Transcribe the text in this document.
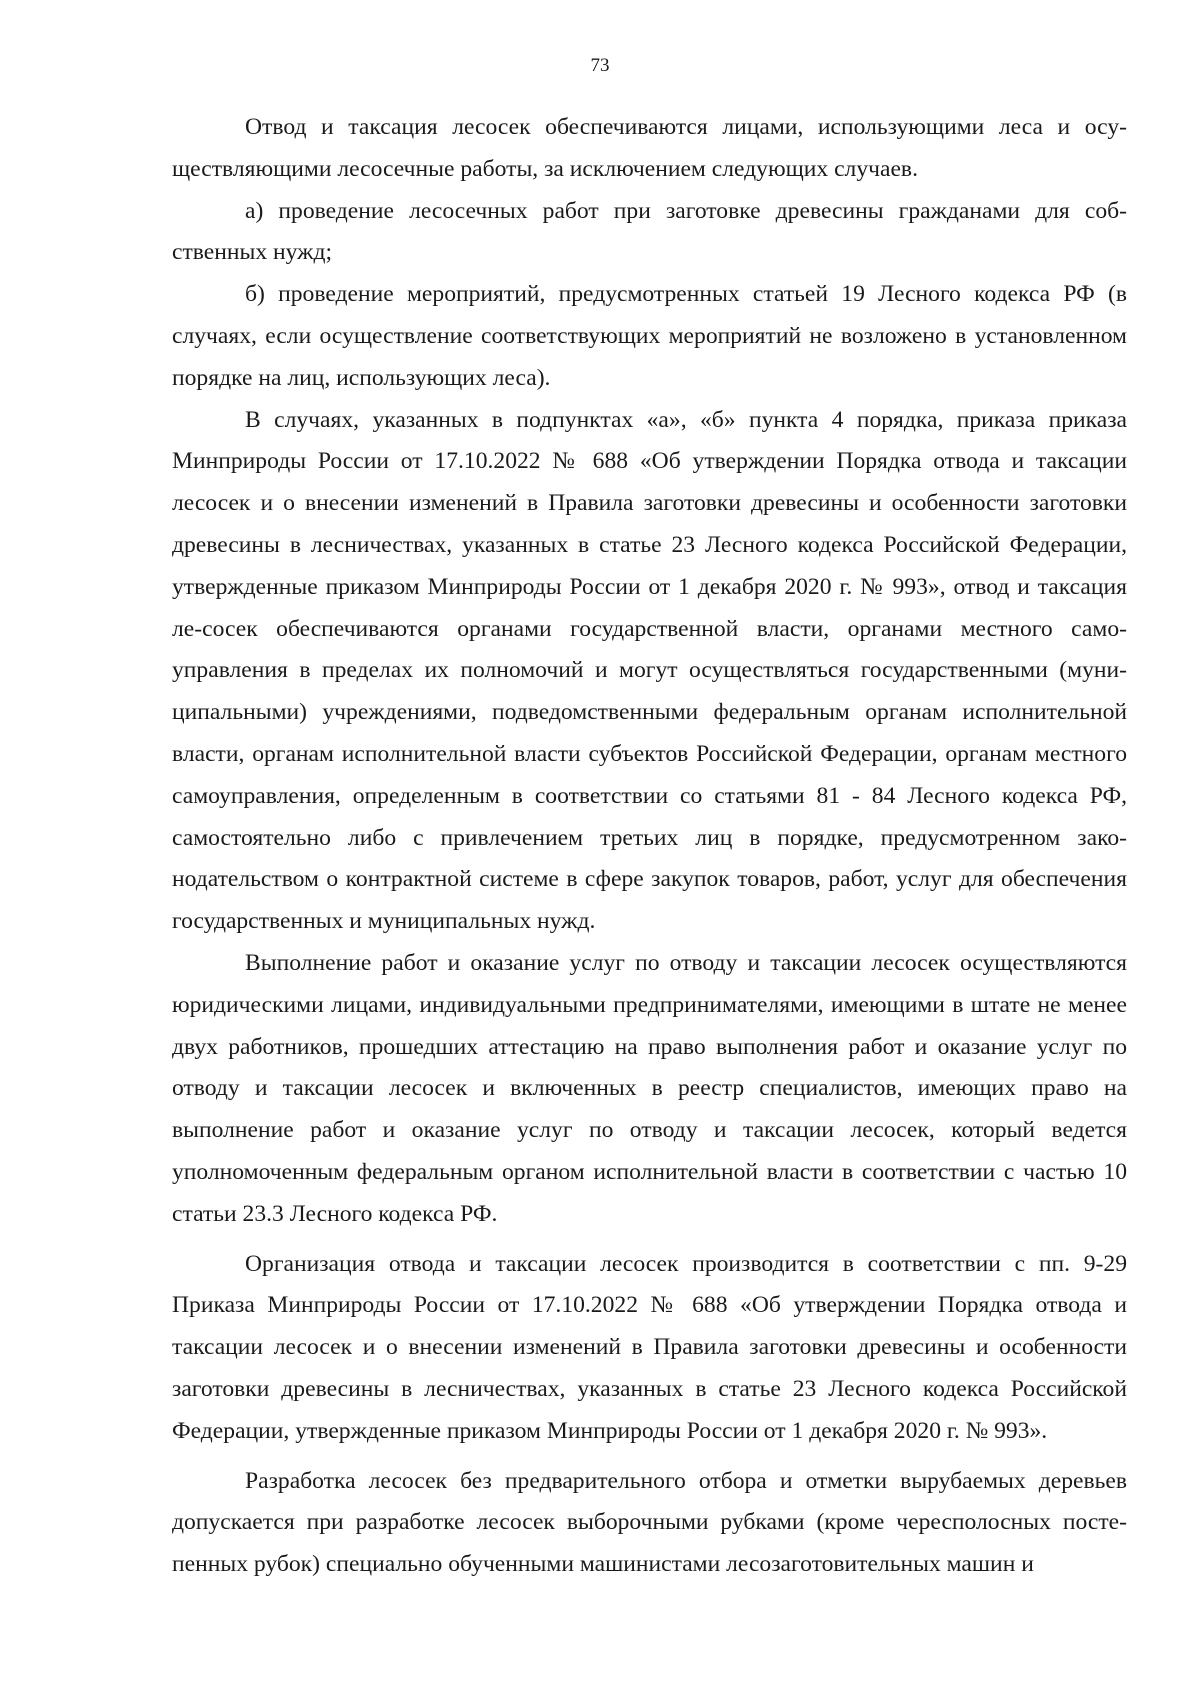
73

Отвод и таксация лесосек обеспечиваются лицами, использующими леса и осуществляющими лесосечные работы, за исключением следующих случаев.

а) проведение лесосечных работ при заготовке древесины гражданами для собственных нужд;

б) проведение мероприятий, предусмотренных статьей 19 Лесного кодекса РФ (в случаях, если осуществление соответствующих мероприятий не возложено в установленном порядке на лиц, использующих леса).

В случаях, указанных в подпунктах «а», «б» пункта 4 порядка, приказа приказа Минприроды России от 17.10.2022 № 688 «Об утверждении Порядка отвода и таксации лесосек и о внесении изменений в Правила заготовки древесины и особенности заготовки древесины в лесничествах, указанных в статье 23 Лесного кодекса Российской Федерации, утвержденные приказом Минприроды России от 1 декабря 2020 г. № 993», отвод и таксация ле-сосек обеспечиваются органами государственной власти, органами местного самоуправления в пределах их полномочий и могут осуществляться государственными (муниципальными) учреждениями, подведомственными федеральным органам исполнительной власти, органам исполнительной власти субъектов Российской Федерации, органам местного самоуправления, определенным в соответствии со статьями 81 - 84 Лесного кодекса РФ, самостоятельно либо с привлечением третьих лиц в порядке, предусмотренном законодательством о контрактной системе в сфере закупок товаров, работ, услуг для обеспечения государственных и муниципальных нужд.

Выполнение работ и оказание услуг по отводу и таксации лесосек осуществляются юридическими лицами, индивидуальными предпринимателями, имеющими в штате не менее двух работников, прошедших аттестацию на право выполнения работ и оказание услуг по отводу и таксации лесосек и включенных в реестр специалистов, имеющих право на выполнение работ и оказание услуг по отводу и таксации лесосек, который ведется уполномоченным федеральным органом исполнительной власти в соответствии с частью 10 статьи 23.3 Лесного кодекса РФ.

Организация отвода и таксации лесосек производится в соответствии с пп. 9-29 Приказа Минприроды России от 17.10.2022 № 688 «Об утверждении Порядка отвода и таксации лесосек и о внесении изменений в Правила заготовки древесины и особенности заготовки древесины в лесничествах, указанных в статье 23 Лесного кодекса Российской Федерации, утвержденные приказом Минприроды России от 1 декабря 2020 г. № 993».

Разработка лесосек без предварительного отбора и отметки вырубаемых деревьев допускается при разработке лесосек выборочными рубками (кроме чересполосных постепенных рубок) специально обученными машинистами лесозаготовительных машин и
